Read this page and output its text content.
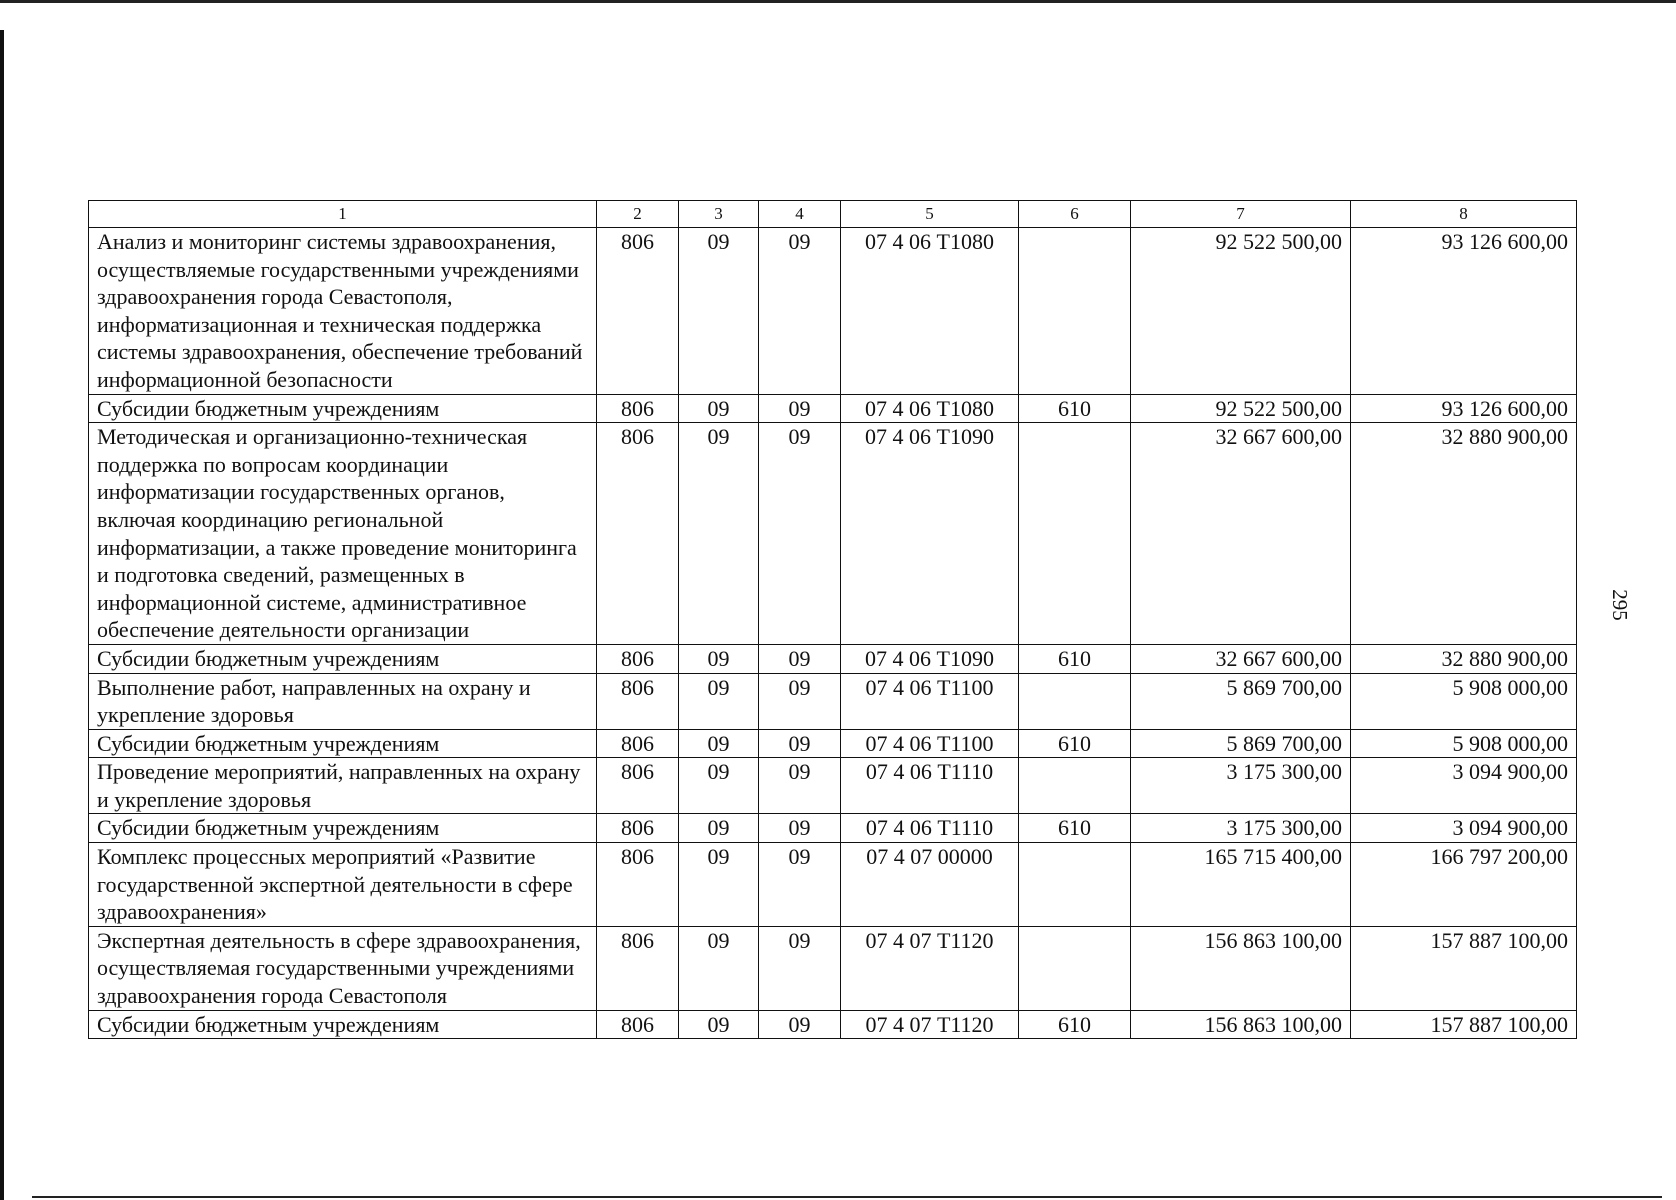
295
1	2	3	4	5	6	7	8
Анализ и мониторинг системы здравоохранения, осуществляемые государственными учреждениями здравоохранения города Севастополя, информатизационная и техническая поддержка системы здравоохранения, обеспечение требований информационной безопасности	806	09	09	07 4 06 Т1080		92 522 500,00	93 126 600,00
Субсидии бюджетным учреждениям	806	09	09	07 4 06 Т1080	610	92 522 500,00	93 126 600,00
Методическая и организационно-техническая поддержка по вопросам координации информатизации государственных органов, включая координацию региональной информатизации, а также проведение мониторинга и подготовка сведений, размещенных в информационной системе, административное обеспечение деятельности организации	806	09	09	07 4 06 Т1090		32 667 600,00	32 880 900,00
Субсидии бюджетным учреждениям	806	09	09	07 4 06 Т1090	610	32 667 600,00	32 880 900,00
Выполнение работ, направленных на охрану и укрепление здоровья	806	09	09	07 4 06 Т1100		5 869 700,00	5 908 000,00
Субсидии бюджетным учреждениям	806	09	09	07 4 06 Т1100	610	5 869 700,00	5 908 000,00
Проведение мероприятий, направленных на охрану и укрепление здоровья	806	09	09	07 4 06 Т1110		3 175 300,00	3 094 900,00
Субсидии бюджетным учреждениям	806	09	09	07 4 06 Т1110	610	3 175 300,00	3 094 900,00
Комплекс процессных мероприятий «Развитие государственной экспертной деятельности в сфере здравоохранения»	806	09	09	07 4 07 00000		165 715 400,00	166 797 200,00
Экспертная деятельность в сфере здравоохранения, осуществляемая государственными учреждениями здравоохранения города Севастополя	806	09	09	07 4 07 Т1120		156 863 100,00	157 887 100,00
Субсидии бюджетным учреждениям	806	09	09	07 4 07 Т1120	610	156 863 100,00	157 887 100,00
